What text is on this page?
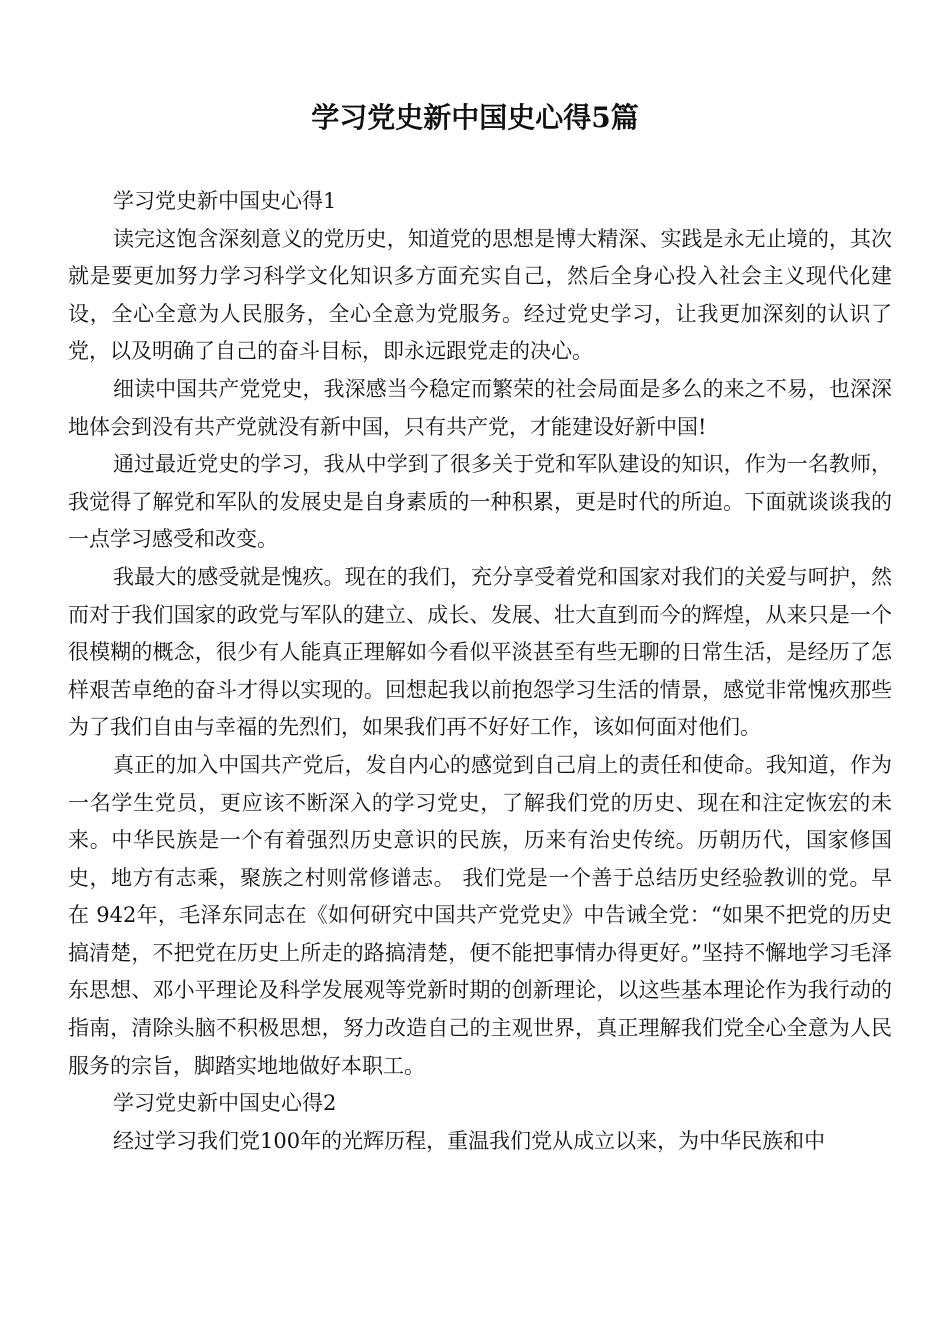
学习党史新中国史心得5篇

学习党史新中国史心得1

读完这饱含深刻意义的党历史，知道党的思想是博大精深、实践是永无止境的，其次就是要更加努力学习科学文化知识多方面充实自己，然后全身心投入社会主义现代化建设，全心全意为人民服务，全心全意为党服务。经过党史学习，让我更加深刻的认识了党，以及明确了自己的奋斗目标，即永远跟党走的决心。

细读中国共产党党史，我深感当今稳定而繁荣的社会局面是多么的来之不易，也深深地体会到没有共产党就没有新中国，只有共产党，才能建设好新中国!

通过最近党史的学习，我从中学到了很多关于党和军队建设的知识，作为一名教师，我觉得了解党和军队的发展史是自身素质的一种积累，更是时代的所迫。下面就谈谈我的一点学习感受和改变。

我最大的感受就是愧疚。现在的我们，充分享受着党和国家对我们的关爱与呵护，然而对于我们国家的政党与军队的建立、成长、发展、壮大直到而今的辉煌，从来只是一个很模糊的概念，很少有人能真正理解如今看似平淡甚至有些无聊的日常生活，是经历了怎样艰苦卓绝的奋斗才得以实现的。回想起我以前抱怨学习生活的情景，感觉非常愧疚那些为了我们自由与幸福的先烈们，如果我们再不好好工作，该如何面对他们。

真正的加入中国共产党后，发自内心的感觉到自己肩上的责任和使命。我知道，作为一名学生党员，更应该不断深入的学习党史，了解我们党的历史、现在和注定恢宏的未来。中华民族是一个有着强烈历史意识的民族，历来有治史传统。历朝历代，国家修国史，地方有志乘，聚族之村则常修谱志。 我们党是一个善于总结历史经验教训的党。早在 942年，毛泽东同志在《如何研究中国共产党党史》中告诫全党：“如果不把党的历史搞清楚，不把党在历史上所走的路搞清楚，便不能把事情办得更好。”坚持不懈地学习毛泽东思想、邓小平理论及科学发展观等党新时期的创新理论，以这些基本理论作为我行动的指南，清除头脑不积极思想，努力改造自己的主观世界，真正理解我们党全心全意为人民服务的宗旨，脚踏实地地做好本职工。

学习党史新中国史心得2

经过学习我们党100年的光辉历程，重温我们党从成立以来，为中华民族和中
